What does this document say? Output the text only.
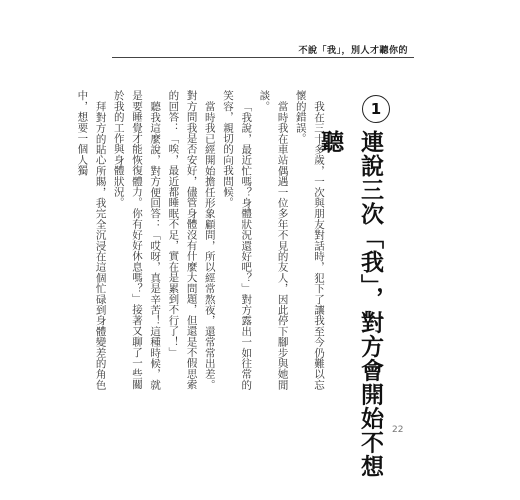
不說「我」，別人才聽你的
1
連說三次「我」，對方會開始不想聽

我在三十多歲，一次與朋友對話時，犯下了讓我至今仍難以忘懷的錯誤。

當時我在車站偶遇一位多年不見的友人，因此停下腳步與她閒談。

「我說，最近忙嗎？身體狀況還好吧？」對方露出一如往常的笑容，親切的向我問候。

當時我已經開始擔任形象顧問，所以經常熬夜，還常常出差。對方問我是否安好，儘管身體沒有什麼大問題，但還是不假思索的回答：「唉，最近都睡眠不足，實在是累到不行了！」

聽我這麼說，對方便回答：「哎呀，真是辛苦！這種時候，就是要睡覺才能恢復體力。你有好好休息嗎？」接著又聊了一些關於我的工作與身體狀況。

拜對方的貼心所賜，我完全沉浸在這個忙碌到身體變差的角色中，想要一個人獨

22
